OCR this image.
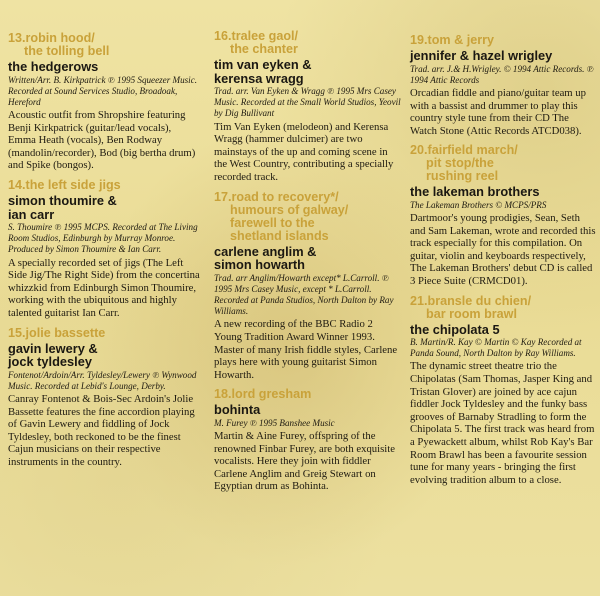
13.robin hood/
the tolling bell
the hedgerows
Written/Arr. B. Kirkpatrick ℗ 1995 Squeezer Music. Recorded at Sound Services Studio, Broadoak, Hereford
Acoustic outfit from Shropshire featuring Benji Kirkpatrick (guitar/lead vocals), Emma Heath (vocals), Ben Rodway (mandolin/recorder), Bod (big bertha drum) and Spike (bongos).
14.the left side jigs
simon thoumire &
ian carr
S. Thoumire ℗ 1995 MCPS. Recorded at The Living Room Studios, Edinburgh by Murray Monroe. Produced by Simon Thoumire & Ian Carr.
A specially recorded set of jigs (The Left Side Jig/The Right Side) from the concertina whizzkid from Edinburgh Simon Thoumire, working with the ubiquitous and highly talented guitarist Ian Carr.
15.jolie bassette
gavin lewery &
jock tyldesley
Fontenot/Ardoin/Arr. Tyldesley/Lewery ℗ Wynwood Music. Recorded at Lebid's Lounge, Derby.
Canray Fontenot & Bois-Sec Ardoin's Jolie Bassette features the fine accordion playing of Gavin Lewery and fiddling of Jock Tyldesley, both reckoned to be the finest Cajun musicians on their respective instruments in the country.
16.tralee gaol/
the chanter
tim van eyken &
kerensa wragg
Trad. arr. Van Eyken & Wragg ℗ 1995 Mrs Casey Music. Recorded at the Small World Studios, Yeovil by Dig Bullivant
Tim Van Eyken (melodeon) and Kerensa Wragg (hammer dulcimer) are two mainstays of the up and coming scene in the West Country, contributing a specially recorded track.
17.road to recovery*/
humours of galway/
farewell to the
shetland islands
carlene anglim &
simon howarth
Trad. arr Anglim/Howarth except* L.Carroll. ℗ 1995 Mrs Casey Music, except * L.Carroll. Recorded at Panda Studios, North Dalton by Ray Williams.
A new recording of the BBC Radio 2 Young Tradition Award Winner 1993. Master of many Irish fiddle styles, Carlene plays here with young guitarist Simon Howarth.
18.lord gresham
bohinta
M. Furey ℗ 1995 Banshee Music
Martin & Aine Furey, offspring of the renowned Finbar Furey, are both exquisite vocalists. Here they join with fiddler Carlene Anglim and Greig Stewart on Egyptian drum as Bohinta.
19.tom & jerry
jennifer & hazel wrigley
Trad. arr. J.& H.Wrigley. © 1994 Attic Records. ℗ 1994 Attic Records
Orcadian fiddle and piano/guitar team up with a bassist and drummer to play this country style tune from their CD The Watch Stone (Attic Records ATCD038).
20.fairfield march/
pit stop/the
rushing reel
the lakeman brothers
The Lakeman Brothers © MCPS/PRS
Dartmoor's young prodigies, Sean, Seth and Sam Lakeman, wrote and recorded this track especially for this compilation. On guitar, violin and keyboards respectively, The Lakeman Brothers' debut CD is called 3 Piece Suite (CRMCD01).
21.bransle du chien/
bar room brawl
the chipolata 5
B. Martin/R. Kay © Martin © Kay Recorded at Panda Sound, North Dalton by Ray Williams.
The dynamic street theatre trio the Chipolatas (Sam Thomas, Jasper King and Tristan Glover) are joined by ace cajun fiddler Jock Tyldesley and the funky bass grooves of Barnaby Stradling to form the Chipolata 5. The first track was heard from a Pyewackett album, whilst Rob Kay's Bar Room Brawl has been a favourite session tune for many years - bringing the first evolving tradition album to a close.
